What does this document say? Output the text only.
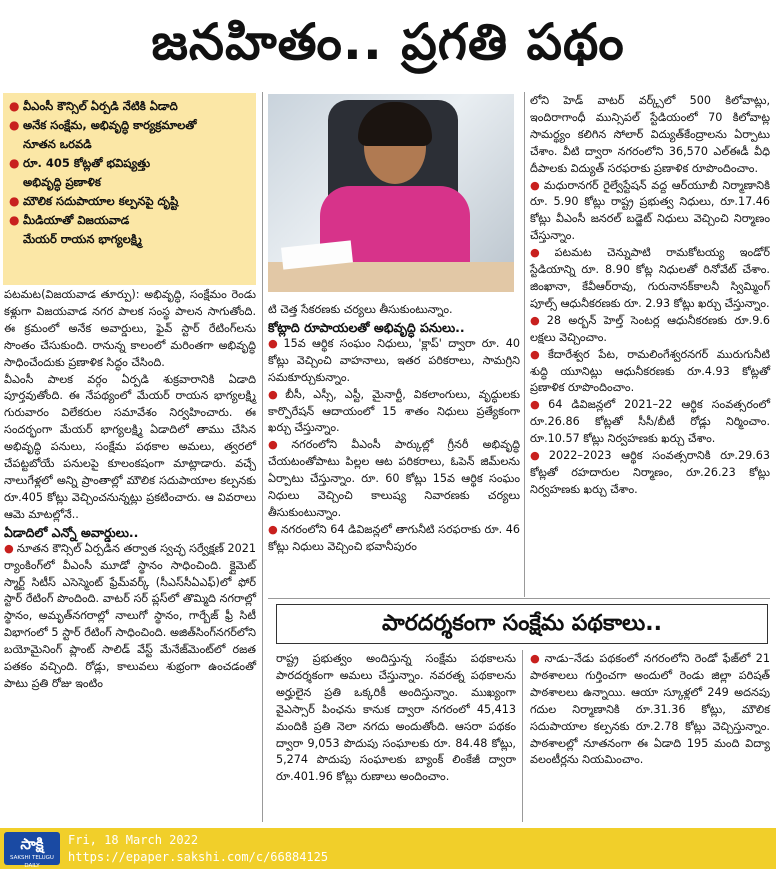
జనహితం.. ప్రగతి పథం
● వీఎంసీ కౌన్సిల్ ఏర్పడి నేటికి ఏడాది
● అనేక సంక్షేమ, అభివృద్ధి కార్యక్రమాలతో
నూతన ఒరవడి
● రూ. 405 కోట్లతో భవిష్యత్తు
అభివృద్ధి ప్రణాళిక
● మౌలిక సదుపాయాల కల్పనపై దృష్టి
● మీడియాతో విజయవాడ
మేయర్ రాయన భాగ్యలక్ష్మి

పటమట(విజయవాడ తూర్పు): అభివృద్ధి, సంక్షేమం రెండు కళ్లుగా విజయవాడ నగర పాలక సంస్థ పాలన సాగుతోంది. ఈ క్రమంలో అనేక అవార్డులు, ఫైవ్ స్టార్ రేటింగ్‌లను సొంతం చేసుకుంది. రానున్న కాలంలో మరింతగా అభివృద్ధి సాధించేందుకు ప్రణాళిక సిద్ధం చేసింది.

వీఎంసీ పాలక వర్గం ఏర్పడి శుక్రవారానికి ఏడాది పూర్తవుతోంది. ఈ నేపథ్యంలో మేయర్ రాయన భాగ్యలక్ష్మి గురువారం విలేకరుల సమావేశం నిర్వహించారు. ఈ సందర్భంగా మేయర్ భాగ్యలక్ష్మి ఏడాదిలో తాము చేసిన అభివృద్ధి పనులు, సంక్షేమ పథకాల అమలు, త్వరలో చేపట్టబోయే పనులపై కూలంకషంగా మాట్లాడారు. వచ్చే నాలుగేళ్లలో అన్ని ప్రాంతాల్లో మౌలిక సదుపాయాల కల్పనకు రూ.405 కోట్లు వెచ్చించనున్నట్లు ప్రకటించారు. ఆ వివరాలు ఆమె మాటల్లోనే..

ఏడాదిలో ఎన్నో అవార్డులు..

● నూతన కౌన్సిల్ ఏర్పడిన తర్వాత స్వచ్ఛ సర్వేక్షణ్ 2021 ర్యాంకింగ్‌లో వీఎంసీ మూడో స్థానం సాధించింది. క్లైమెట్ స్మార్ట్ సిటీస్ ఎసెస్మెంట్ ఫ్రేమ్‌వర్క్ (సీఎస్‌సీఏఎఫ్)లో ఫోర్ స్టార్ రేటింగ్ పొందింది. వాటర్ సర్ ప్లస్‌లో తొమ్మిది నగరాల్లో స్థానం, అమృత్‌నగరాల్లో నాలుగో స్థానం, గార్బేజ్ ఫ్రీ సిటీ విభాగంలో 5 స్టార్ రేటింగ్ సాధించింది. అజిత్‌సింగ్‌నగర్‌లోని బయోమైనింగ్ ప్లాంట్ సాలిడ్ వేస్ట్ మేనేజ్‌మెంట్‌లో రజత పతకం వచ్చింది. రోడ్లు, కాలువలు శుభ్రంగా ఉంచడంతో పాటు ప్రతి రోజు ఇంటిం

టి చెత్త సేకరణకు చర్యలు తీసుకుంటున్నాం.

కోట్లాది రూపాయలతో అభివృద్ధి పనులు..

● 15వ ఆర్థిక సంఘం నిధులు, 'క్లాప్' ద్వారా రూ. 40 కోట్లు వెచ్చించి వాహనాలు, ఇతర పరికరాలు, సామగ్రిని సమకూర్చుకున్నాం.

● బీసీ, ఎస్సీ, ఎస్టీ, మైనార్టీ, వికలాంగులు, వృద్ధులకు కార్పొరేషన్ ఆదాయంలో 15 శాతం నిధులు ప్రత్యేకంగా ఖర్చు చేస్తున్నాం.

● నగరంలోని వీఎంసీ పార్కుల్లో గ్రీనరీ అభివృద్ధి చేయటంతోపాటు పిల్లల ఆట పరికరాలు, ఓపెన్ జిమ్‌లను ఏర్పాటు చేస్తున్నాం. రూ. 60 కోట్లు 15వ ఆర్థిక సంఘం నిధులు వెచ్చించి కాలుష్య నివారణకు చర్యలు తీసుకుంటున్నాం.

● నగరంలోని 64 డివిజన్లలో తాగునీటి సరఫరాకు రూ. 46 కోట్లు నిధులు వెచ్చించి భవానీపురం

లోని హెడ్ వాటర్ వర్క్స్‌లో 500 కిలోవాట్లు, ఇందిరాగాంధీ మున్సిపల్ స్టేడియంలో 70 కిలోవాట్ల సామర్థ్యం కలిగిన సోలార్ విద్యుత్‌కేంద్రాలను ఏర్పాటు చేశాం. వీటి ద్వారా నగరంలోని 36,570 ఎల్ఈడీ వీధి దీపాలకు విద్యుత్ సరఫరాకు ప్రణాళిక రూపొందించాం.

● మధురానగర్ రైల్వేస్టేషన్ వద్ద ఆర్‌యూబీ నిర్మాణానికి రూ. 5.90 కోట్లు రాష్ట్ర ప్రభుత్వ నిధులు, రూ.17.46 కోట్లు వీఎంసీ జనరల్ బడ్జెట్ నిధులు వెచ్చించి నిర్మాణం చేస్తున్నాం.

● పటమట చెన్నుపాటి రామకోటయ్య ఇండోర్ స్టేడియాన్ని రూ. 8.90 కోట్ల నిధులతో రినోవేట్ చేశాం. జింఖానా, కేవీఆర్‌రావు, గురునానక్‌కాలనీ స్విమ్మింగ్ పూల్స్ ఆధునీకరణకు రూ. 2.93 కోట్లు ఖర్చు చేస్తున్నాం.

● 28 అర్బన్ హెల్త్ సెంటర్ల ఆధునీకరణకు రూ.9.6 లక్షలు వెచ్చించాం.

● కేదారేశ్వర పేట, రామలింగేశ్వరనగర్ మురుగునీటి శుద్ధి యూనిట్లు ఆధునీకరణకు రూ.4.93 కోట్లతో ప్రణాళిక రూపొందించాం.

● 64 డివిజన్లలో 2021–22 ఆర్థిక సంవత్సరంలో రూ.26.86 కోట్లతో సీసీ/బీటీ రోడ్లు నిర్మించాం. రూ.10.57 కోట్లు నిర్వహణకు ఖర్చు చేశాం.

● 2022–2023 ఆర్థిక సంవత్సరానికి రూ.29.63 కోట్లతో రహదారుల నిర్మాణం, రూ.26.23 కోట్లు నిర్వహణకు ఖర్చు చేశాం.

పారదర్శకంగా సంక్షేమ పథకాలు..

రాష్ట్ర ప్రభుత్వం అందిస్తున్న సంక్షేమ పథకాలను పారదర్శకంగా అమలు చేస్తున్నాం. నవరత్న పథకాలను అర్హులైన ప్రతి ఒక్కరికీ అందిస్తున్నాం. ముఖ్యంగా వైఎస్సార్ పింఛను కానుక ద్వారా నగరంలో 45,413 మందికి ప్రతి నెలా నగదు అందుతోంది. ఆసరా పథకం ద్వారా 9,053 పొదుపు సంఘాలకు రూ. 84.48 కోట్లు, 5,274 పొదుపు సంఘాలకు బ్యాంక్ లింకేజీ ద్వారా రూ.401.96 కోట్లు రుణాలు అందించాం.

● నాడు–నేడు పథకంలో నగరంలోని రెండో ఫేజ్‌లో 21 పాఠశాలలు గుర్తించగా అందులో రెండు జిల్లా పరిషత్ పాఠశాలలు ఉన్నాయి. ఆయా స్కూళ్లలో 249 అదనపు గదుల నిర్మాణానికి రూ.31.36 కోట్లు, మౌలిక సదుపాయాల కల్పనకు రూ.2.78 కోట్లు వెచ్చిస్తున్నాం. పాఠశాలల్లో నూతనంగా ఈ ఏడాది 195 మంది విద్యా వలంటీర్లను నియమించాం.

సాక్షి
SAKSHI TELUGU DAILY
Fri, 18 March 2022
https://epaper.sakshi.com/c/66884125
